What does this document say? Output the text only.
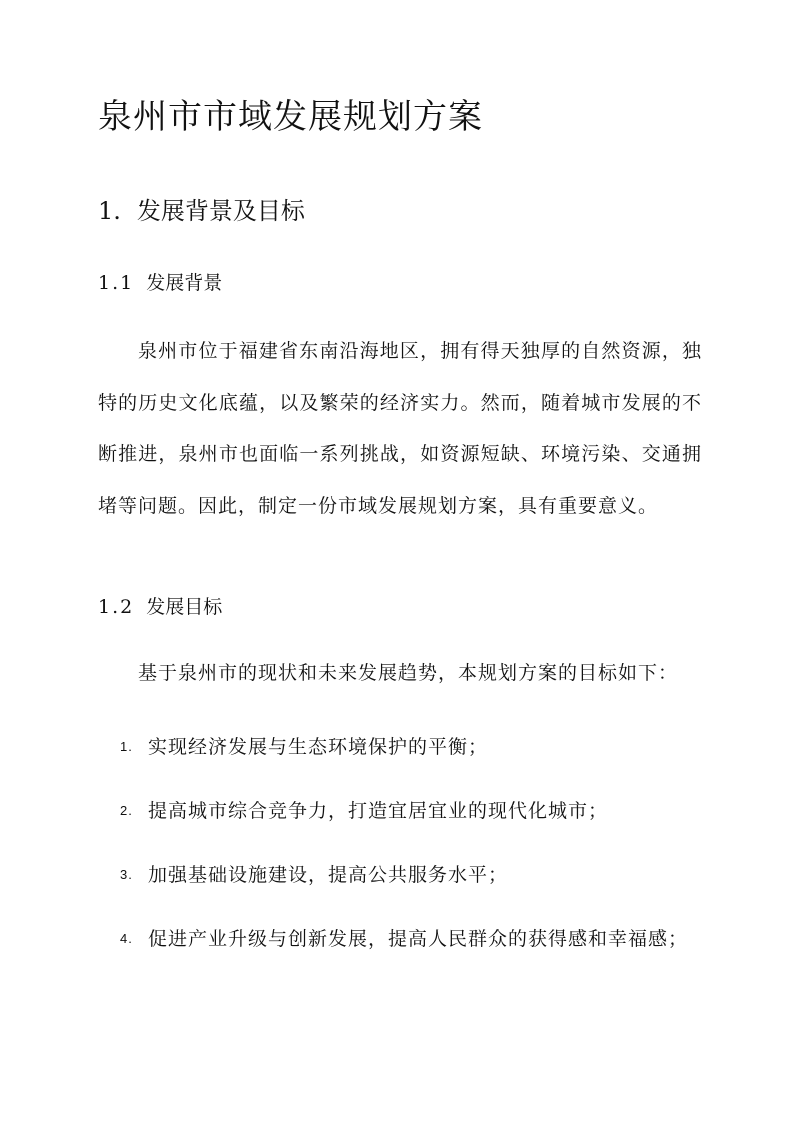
泉州市市域发展规划方案
1. 发展背景及目标
1.1 发展背景

泉州市位于福建省东南沿海地区，拥有得天独厚的自然资源，独特的历史文化底蕴，以及繁荣的经济实力。然而，随着城市发展的不断推进，泉州市也面临一系列挑战，如资源短缺、环境污染、交通拥堵等问题。因此，制定一份市域发展规划方案，具有重要意义。

1.2 发展目标

基于泉州市的现状和未来发展趋势，本规划方案的目标如下：

1. 实现经济发展与生态环境保护的平衡；
2. 提高城市综合竞争力，打造宜居宜业的现代化城市；
3. 加强基础设施建设，提高公共服务水平；
4. 促进产业升级与创新发展，提高人民群众的获得感和幸福感；
